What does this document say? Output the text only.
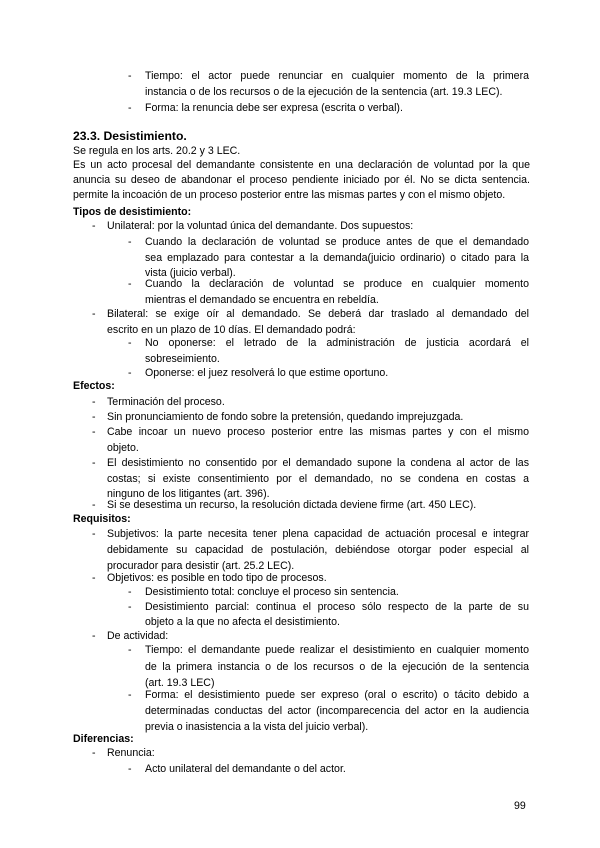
- Tiempo: el actor puede renunciar en cualquier momento de la primera
instancia o de los recursos o de la ejecución de la sentencia (art. 19.3 LEC).
- Forma: la renuncia debe ser expresa (escrita o verbal).
23.3. Desistimiento.
Se regula en los arts. 20.2 y 3 LEC.
Es un acto procesal del demandante consistente en una declaración de voluntad por la que
anuncia su deseo de abandonar el proceso pendiente iniciado por él. No se dicta sentencia.
permite la incoación de un proceso posterior entre las mismas partes y con el mismo objeto.
Tipos de desistimiento:
- Unilateral: por la voluntad única del demandante. Dos supuestos:
- Cuando la declaración de voluntad se produce antes de que el demandado
sea emplazado para contestar a la demanda(juicio ordinario) o citado para la
vista (juicio verbal).
- Cuando la declaración de voluntad se produce en cualquier momento
mientras el demandado se encuentra en rebeldía.
- Bilateral: se exige oír al demandado. Se deberá dar traslado al demandado del
escrito en un plazo de 10 días. El demandado podrá:
- No oponerse: el letrado de la administración de justicia acordará el
sobreseimiento.
- Oponerse: el juez resolverá lo que estime oportuno.
Efectos:
- Terminación del proceso.
- Sin pronunciamiento de fondo sobre la pretensión, quedando imprejuzgada.
- Cabe incoar un nuevo proceso posterior entre las mismas partes y con el mismo
objeto.
- El desistimiento no consentido por el demandado supone la condena al actor de las
costas; si existe consentimiento por el demandado, no se condena en costas a
ninguno de los litigantes (art. 396).
- Si se desestima un recurso, la resolución dictada deviene firme (art. 450 LEC).
Requisitos:
- Subjetivos: la parte necesita tener plena capacidad de actuación procesal e integrar
debidamente su capacidad de postulación, debiéndose otorgar poder especial al
procurador para desistir (art. 25.2 LEC).
- Objetivos: es posible en todo tipo de procesos.
- Desistimiento total: concluye el proceso sin sentencia.
- Desistimiento parcial: continua el proceso sólo respecto de la parte de su
objeto a la que no afecta el desistimiento.
- De actividad:
- Tiempo: el demandante puede realizar el desistimiento en cualquier momento
de la primera instancia o de los recursos o de la ejecución de la sentencia
(art. 19.3 LEC)
- Forma: el desistimiento puede ser expreso (oral o escrito) o tácito debido a
determinadas conductas del actor (incomparecencia del actor en la audiencia
previa o inasistencia a la vista del juicio verbal).
Diferencias:
- Renuncia:
- Acto unilateral del demandante o del actor.
99
